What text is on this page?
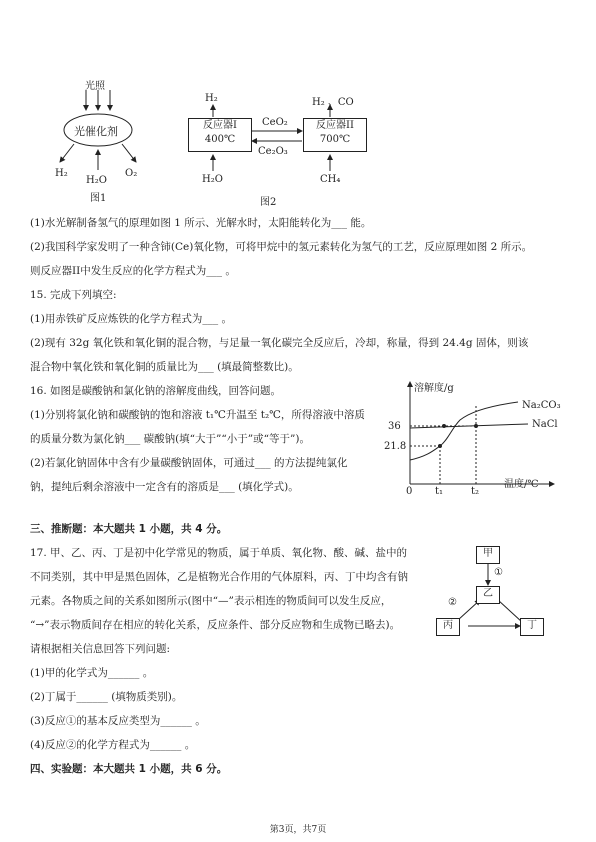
光照
光催化剂
H₂
H₂O
O₂
图1
H₂	H₂ 、CO
反应器I
400℃
反应器II
700℃
CeO₂
Ce₂O₃
H₂O	CH₄
图2
(1)水光解制备氢气的原理如图 1 所示、光解水时，太阳能转化为___ 能。
(2)我国科学家发明了一种含铈(Ce)氧化物，可将甲烷中的氢元素转化为氢气的工艺，反应原理如图 2 所示。
则反应器II中发生反应的化学方程式为___ 。
15. 完成下列填空:
(1)用赤铁矿反应炼铁的化学方程式为___ 。
(2)现有 32g 氧化铁和氧化铜的混合物，与足量一氧化碳完全反应后，冷却，称量，得到 24.4g 固体，则该
混合物中氧化铁和氧化铜的质量比为___ (填最简整数比)。
16. 如图是碳酸钠和氯化钠的溶解度曲线，回答问题。
(1)分别将氯化钠和碳酸钠的饱和溶液 t₁℃升温至 t₂℃，所得溶液中溶质
的质量分数为氯化钠___ 碳酸钠(填“大于”“小于”或“等于”)。
(2)若氯化钠固体中含有少量碳酸钠固体，可通过___ 的方法提纯氯化
钠，提纯后剩余溶液中一定含有的溶质是___ (填化学式)。
溶解度/g
36
21.8
Na₂CO₃
NaCl
0 t₁	t₂
温度/℃
三、推断题：本大题共 1 小题，共 4 分。
17. 甲、乙、丙、丁是初中化学常见的物质，属于单质、氧化物、酸、碱、盐中的
不同类别，其中甲是黑色固体，乙是植物光合作用的气体原料，丙、丁中均含有钠
元素。各物质之间的关系如图所示(图中“—”表示相连的物质间可以发生反应，
“→”表示物质间存在相应的转化关系，反应条件、部分反应物和生成物已略去)。
请根据相关信息回答下列问题:
(1)甲的化学式为______ 。
(2)丁属于______ (填物质类别)。
(3)反应①的基本反应类型为______ 。
(4)反应②的化学方程式为______ 。
甲
乙
丙	丁
①
②
四、实验题：本大题共 1 小题，共 6 分。
第3页，共7页
